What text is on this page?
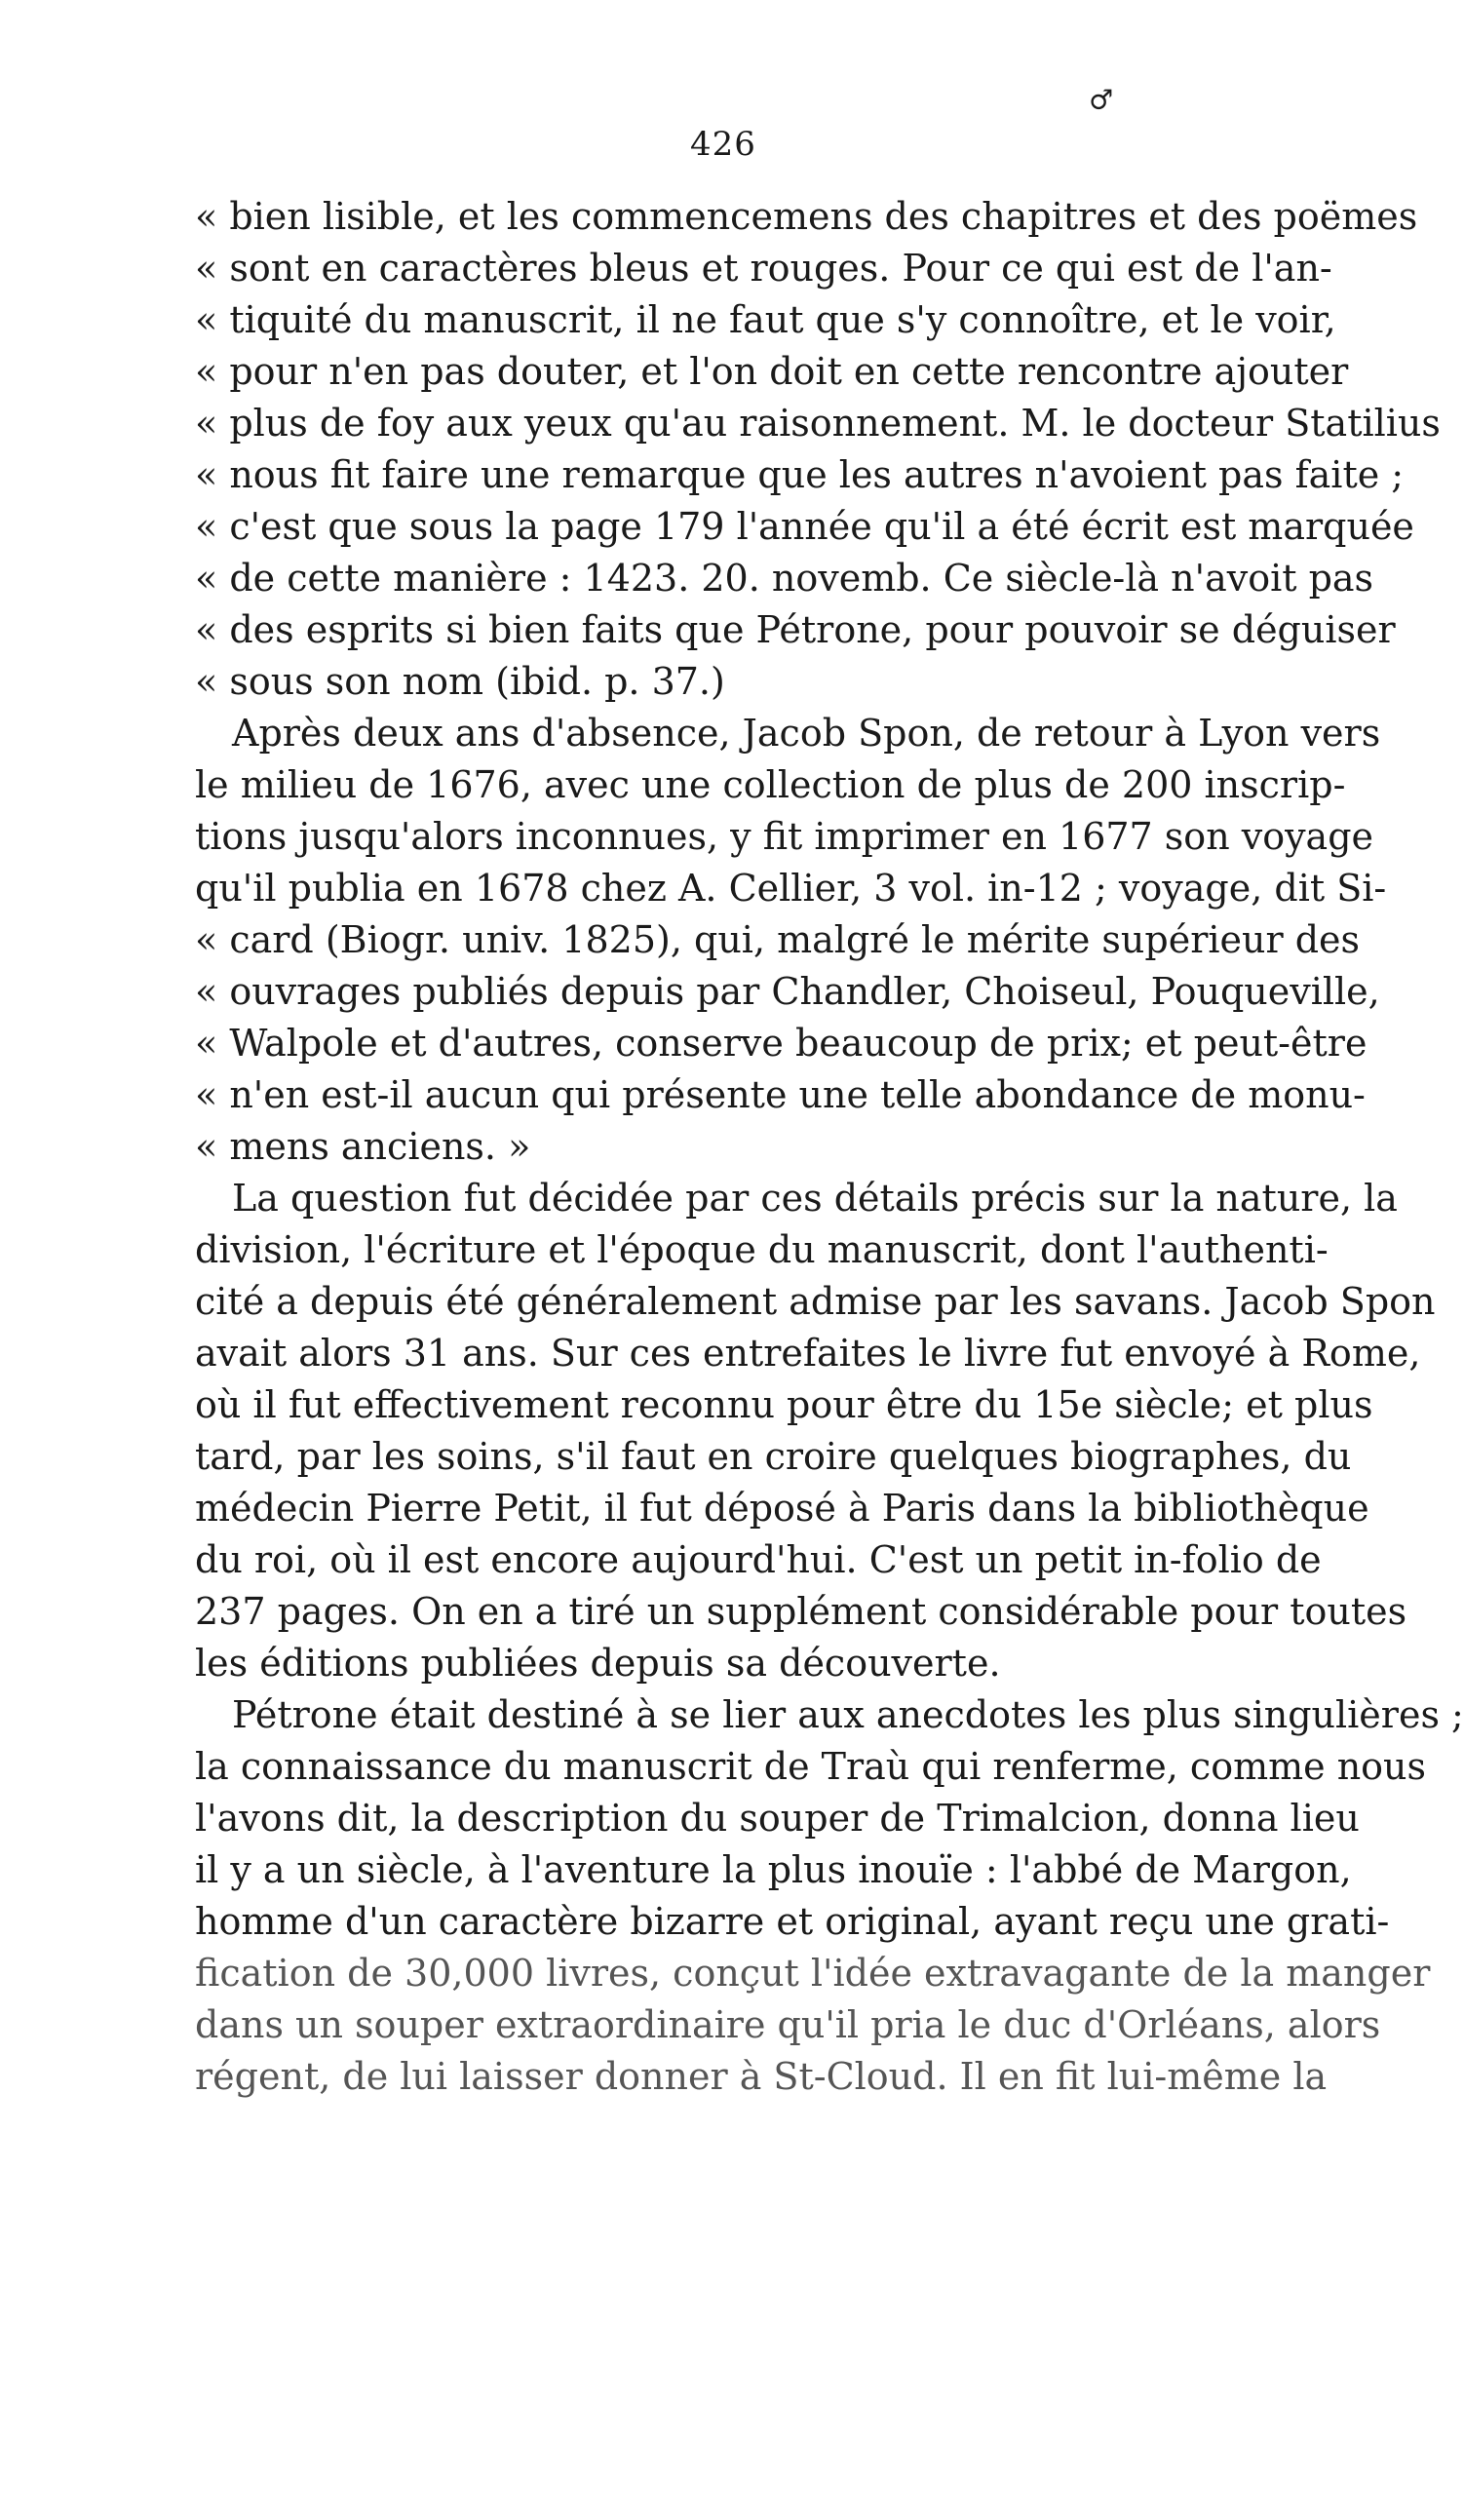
♂
426
« bien lisible, et les commencemens des chapitres et des poëmes
« sont en caractères bleus et rouges. Pour ce qui est de l'an-
« tiquité du manuscrit, il ne faut que s'y connoître, et le voir,
« pour n'en pas douter, et l'on doit en cette rencontre ajouter
« plus de foy aux yeux qu'au raisonnement. M. le docteur Statilius
« nous fit faire une remarque que les autres n'avoient pas faite ;
« c'est que sous la page 179 l'année qu'il a été écrit est marquée
« de cette manière : 1423. 20. novemb. Ce siècle-là n'avoit pas
« des esprits si bien faits que Pétrone, pour pouvoir se déguiser
« sous son nom (ibid. p. 37.)
Après deux ans d'absence, Jacob Spon, de retour à Lyon vers
le milieu de 1676, avec une collection de plus de 200 inscrip-
tions jusqu'alors inconnues, y fit imprimer en 1677 son voyage
qu'il publia en 1678 chez A. Cellier, 3 vol. in-12 ; voyage, dit Si-
« card (Biogr. univ. 1825), qui, malgré le mérite supérieur des
« ouvrages publiés depuis par Chandler, Choiseul, Pouqueville,
« Walpole et d'autres, conserve beaucoup de prix; et peut-être
« n'en est-il aucun qui présente une telle abondance de monu-
« mens anciens. »
La question fut décidée par ces détails précis sur la nature, la
division, l'écriture et l'époque du manuscrit, dont l'authenti-
cité a depuis été généralement admise par les savans. Jacob Spon
avait alors 31 ans. Sur ces entrefaites le livre fut envoyé à Rome,
où il fut effectivement reconnu pour être du 15e siècle; et plus
tard, par les soins, s'il faut en croire quelques biographes, du
médecin Pierre Petit, il fut déposé à Paris dans la bibliothèque
du roi, où il est encore aujourd'hui. C'est un petit in-folio de
237 pages. On en a tiré un supplément considérable pour toutes
les éditions publiées depuis sa découverte.
Pétrone était destiné à se lier aux anecdotes les plus singulières ;
la connaissance du manuscrit de Traù qui renferme, comme nous
l'avons dit, la description du souper de Trimalcion, donna lieu
il y a un siècle, à l'aventure la plus inouïe : l'abbé de Margon,
homme d'un caractère bizarre et original, ayant reçu une grati-
fication de 30,000 livres, conçut l'idée extravagante de la manger
dans un souper extraordinaire qu'il pria le duc d'Orléans, alors
régent, de lui laisser donner à St-Cloud. Il en fit lui-même la
